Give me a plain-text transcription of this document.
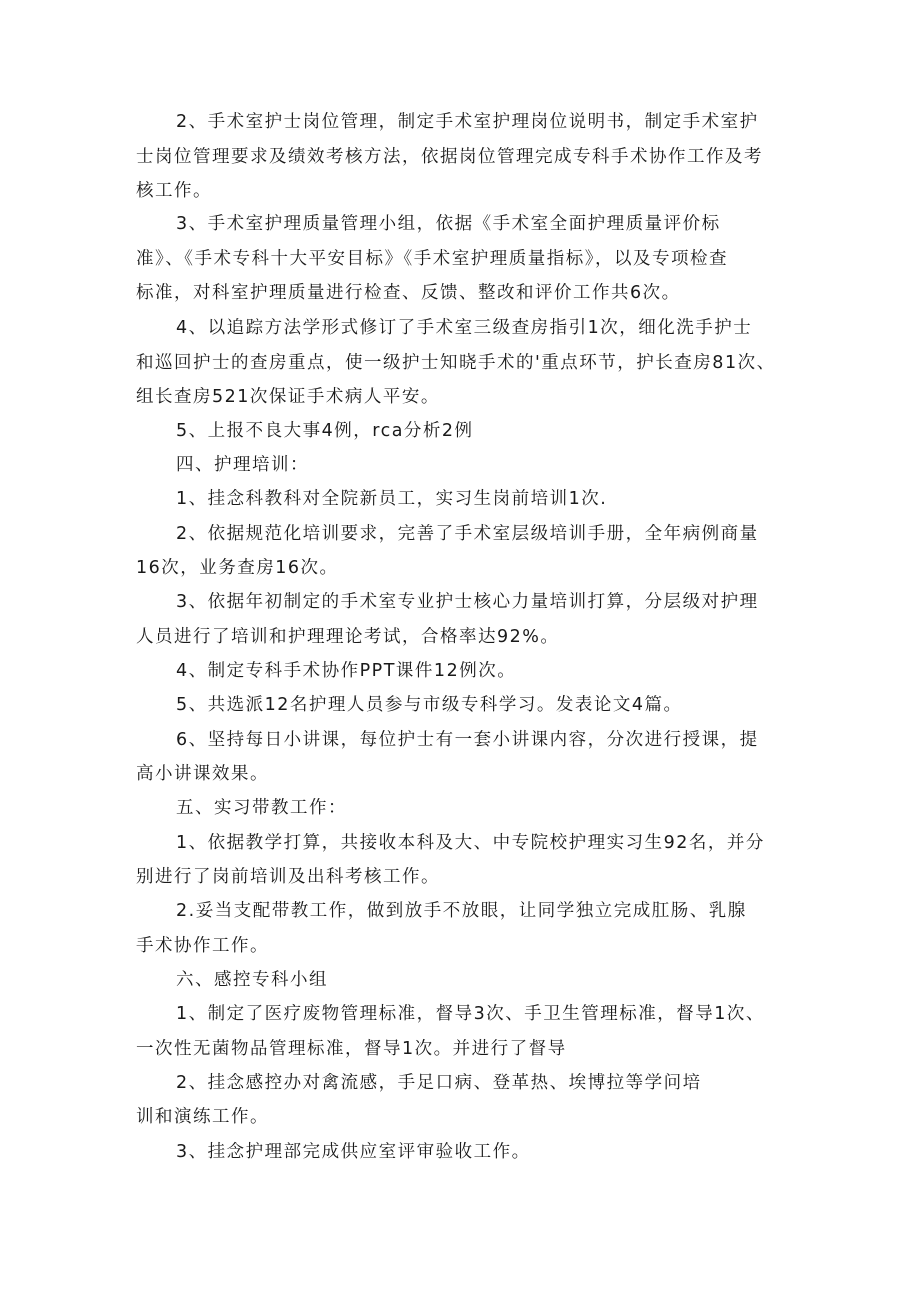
2、手术室护士岗位管理，制定手术室护理岗位说明书，制定手术室护
士岗位管理要求及绩效考核方法，依据岗位管理完成专科手术协作工作及考
核工作。
3、手术室护理质量管理小组，依据《手术室全面护理质量评价标
准》、《手术专科十大平安目标》《手术室护理质量指标》，以及专项检查
标准，对科室护理质量进行检查、反馈、整改和评价工作共6次。
4、以追踪方法学形式修订了手术室三级查房指引1次，细化洗手护士
和巡回护士的查房重点，使一级护士知晓手术的'重点环节，护长查房81次、
组长查房521次保证手术病人平安。
5、上报不良大事4例，rca分析2例
四、护理培训：
1、挂念科教科对全院新员工，实习生岗前培训1次.
2、依据规范化培训要求，完善了手术室层级培训手册，全年病例商量
16次，业务查房16次。
3、依据年初制定的手术室专业护士核心力量培训打算，分层级对护理
人员进行了培训和护理理论考试，合格率达92%。
4、制定专科手术协作PPT课件12例次。
5、共选派12名护理人员参与市级专科学习。发表论文4篇。
6、坚持每日小讲课，每位护士有一套小讲课内容，分次进行授课，提
高小讲课效果。
五、实习带教工作：
1、依据教学打算，共接收本科及大、中专院校护理实习生92名，并分
别进行了岗前培训及出科考核工作。
2.妥当支配带教工作，做到放手不放眼，让同学独立完成肛肠、乳腺
手术协作工作。
六、感控专科小组
1、制定了医疗废物管理标准，督导3次、手卫生管理标准，督导1次、
一次性无菌物品管理标准，督导1次。并进行了督导
2、挂念感控办对禽流感，手足口病、登革热、埃博拉等学问培
训和演练工作。
3、挂念护理部完成供应室评审验收工作。
